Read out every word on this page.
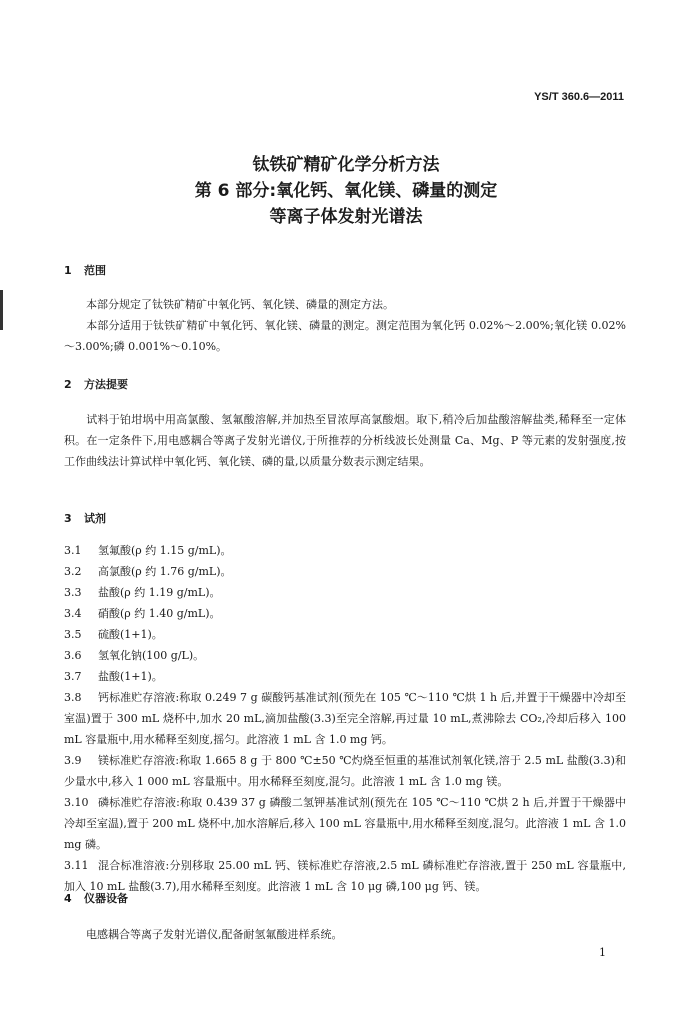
YS/T 360.6—2011
钛铁矿精矿化学分析方法
第 6 部分:氧化钙、氧化镁、磷量的测定
等离子体发射光谱法
1 范围
本部分规定了钛铁矿精矿中氧化钙、氧化镁、磷量的测定方法。
本部分适用于钛铁矿精矿中氧化钙、氧化镁、磷量的测定。测定范围为氧化钙 0.02%～2.00%;氧化镁 0.02%～3.00%;磷 0.001%～0.10%。
2 方法提要
试料于铂坩埚中用高氯酸、氢氟酸溶解,并加热至冒浓厚高氯酸烟。取下,稍冷后加盐酸溶解盐类,稀释至一定体积。在一定条件下,用电感耦合等离子发射光谱仪,于所推荐的分析线波长处测量 Ca、Mg、P 等元素的发射强度,按工作曲线法计算试样中氧化钙、氧化镁、磷的量,以质量分数表示测定结果。
3 试剂
3.1	氢氟酸(ρ 约 1.15 g/mL)。
3.2	高氯酸(ρ 约 1.76 g/mL)。
3.3	盐酸(ρ 约 1.19 g/mL)。
3.4	硝酸(ρ 约 1.40 g/mL)。
3.5	硫酸(1+1)。
3.6	氢氧化钠(100 g/L)。
3.7	盐酸(1+1)。
3.8	钙标准贮存溶液:称取 0.249 7 g 碳酸钙基准试剂(预先在 105 ℃～110 ℃烘 1 h 后,并置于干燥器中冷却至室温)置于 300 mL 烧杯中,加水 20 mL,滴加盐酸(3.3)至完全溶解,再过量 10 mL,煮沸除去 CO₂,冷却后移入 100 mL 容量瓶中,用水稀释至刻度,摇匀。此溶液 1 mL 含 1.0 mg 钙。
3.9	镁标准贮存溶液:称取 1.665 8 g 于 800 ℃±50 ℃灼烧至恒重的基准试剂氧化镁,溶于 2.5 mL 盐酸(3.3)和少量水中,移入 1 000 mL 容量瓶中。用水稀释至刻度,混匀。此溶液 1 mL 含 1.0 mg 镁。
3.10 磷标准贮存溶液:称取 0.439 37 g 磷酸二氢钾基准试剂(预先在 105 ℃～110 ℃烘 2 h 后,并置于干燥器中冷却至室温),置于 200 mL 烧杯中,加水溶解后,移入 100 mL 容量瓶中,用水稀释至刻度,混匀。此溶液 1 mL 含 1.0 mg 磷。
3.11 混合标准溶液:分别移取 25.00 mL 钙、镁标准贮存溶液,2.5 mL 磷标准贮存溶液,置于 250 mL 容量瓶中,加入 10 mL 盐酸(3.7),用水稀释至刻度。此溶液 1 mL 含 10 μg 磷,100 μg 钙、镁。
4 仪器设备
电感耦合等离子发射光谱仪,配备耐氢氟酸进样系统。
1
